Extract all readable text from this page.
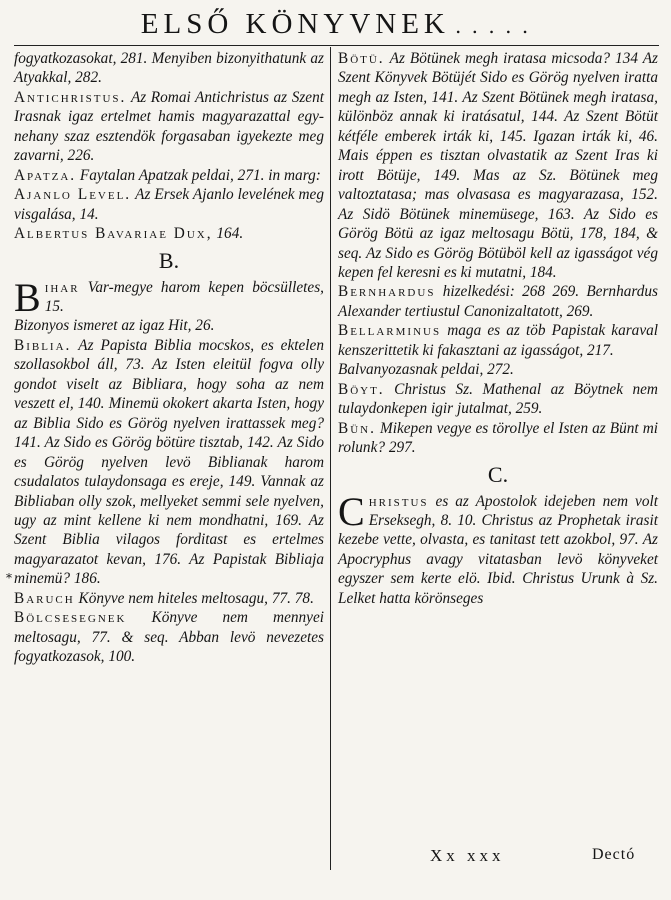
ELSŐ KÖNYVNEK . . . . .
*

fogyatkozasokat, 281. Menyiben bizonyithatunk az Atyakkal, 282.

Antichristus. Az Romai Antichristus az Szent Irasnak igaz ertelmet hamis magyarazattal egy-nehany szaz esztendök forgasaban igyekezte meg zavarni, 226.

Apatza. Faytalan Apatzak peldai, 271. in marg:

Ajanlo Level. Az Ersek Ajanlo levelének meg visgalása, 14.

Albertus Bavariae Dux, 164.

B.

Bihar Var-megye harom kepen böcsülletes, 15.

Bizonyos ismeret az igaz Hit, 26.

Biblia. Az Papista Biblia mocskos, es ektelen szollasokbol áll, 73. Az Isten eleitül fogva olly gondot viselt az Bibliara, hogy soha az nem veszett el, 140. Minemü okokert akarta Isten, hogy az Biblia Sido es Görög nyelven irattassek meg? 141. Az Sido es Görög bötüre tisztab, 142. Az Sido es Görög nyelven levö Biblianak harom csudalatos tulaydonsaga es ereje, 149. Vannak az Bibliaban olly szok, mellyeket semmi sele nyelven, ugy az mint kellene ki nem mondhatni, 169. Az Szent Biblia vilagos forditast es ertelmes magyarazatot kevan, 176. Az Papistak Bibliaja minemü? 186.

Baruch Könyve nem hiteles meltosagu, 77. 78.

Bölcsesegnek Könyve nem mennyei meltosagu, 77. & seq. Abban levö nevezetes fogyatkozasok, 100.

Bötü. Az Bötünek megh iratasa micsoda? 134 Az Szent Könyvek Bötüjét Sido es Görög nyelven iratta megh az Isten, 141. Az Szent Bötünek megh iratasa, különböz annak ki iratásatul, 144. Az Szent Bötüt kétféle emberek irták ki, 145. Igazan irták ki, 46. Mais éppen es tisztan olvastatik az Szent Iras ki irott Bötüje, 149. Mas az Sz. Bötünek meg valtoztatasa; mas olvasasa es magyarazasa, 152. Az Sidö Bötünek minemüsege, 163. Az Sido es Görög Bötü az igaz meltosagu Bötü, 178, 184, & seq. Az Sido es Görög Bötüböl kell az igasságot vég kepen fel keresni es ki mutatni, 184.

Bernhardus hizelkedési: 268 269. Bernhardus Alexander tertiustul Canonizaltatott, 269.

Bellarminus maga es az töb Papistak karaval kenszerittetik ki fakasztani az igasságot, 217.

Balvanyozasnak peldai, 272.

Böyt. Christus Sz. Mathenal az Böytnek nem tulaydonkepen igir jutalmat, 259.

Bün. Mikepen vegye es törollye el Isten az Bünt mi rolunk? 297.

C.

Christus es az Apostolok idejeben nem volt Erseksegh, 8. 10. Christus az Prophetak irasit kezebe vette, olvasta, es tanitast tett azokbol, 97. Az Apocryphus avagy vitatasban levö könyveket egyszer sem kerte elö. Ibid. Christus Urunk à Sz. Lelket hatta körönseges

Xx xxx	Dectó
